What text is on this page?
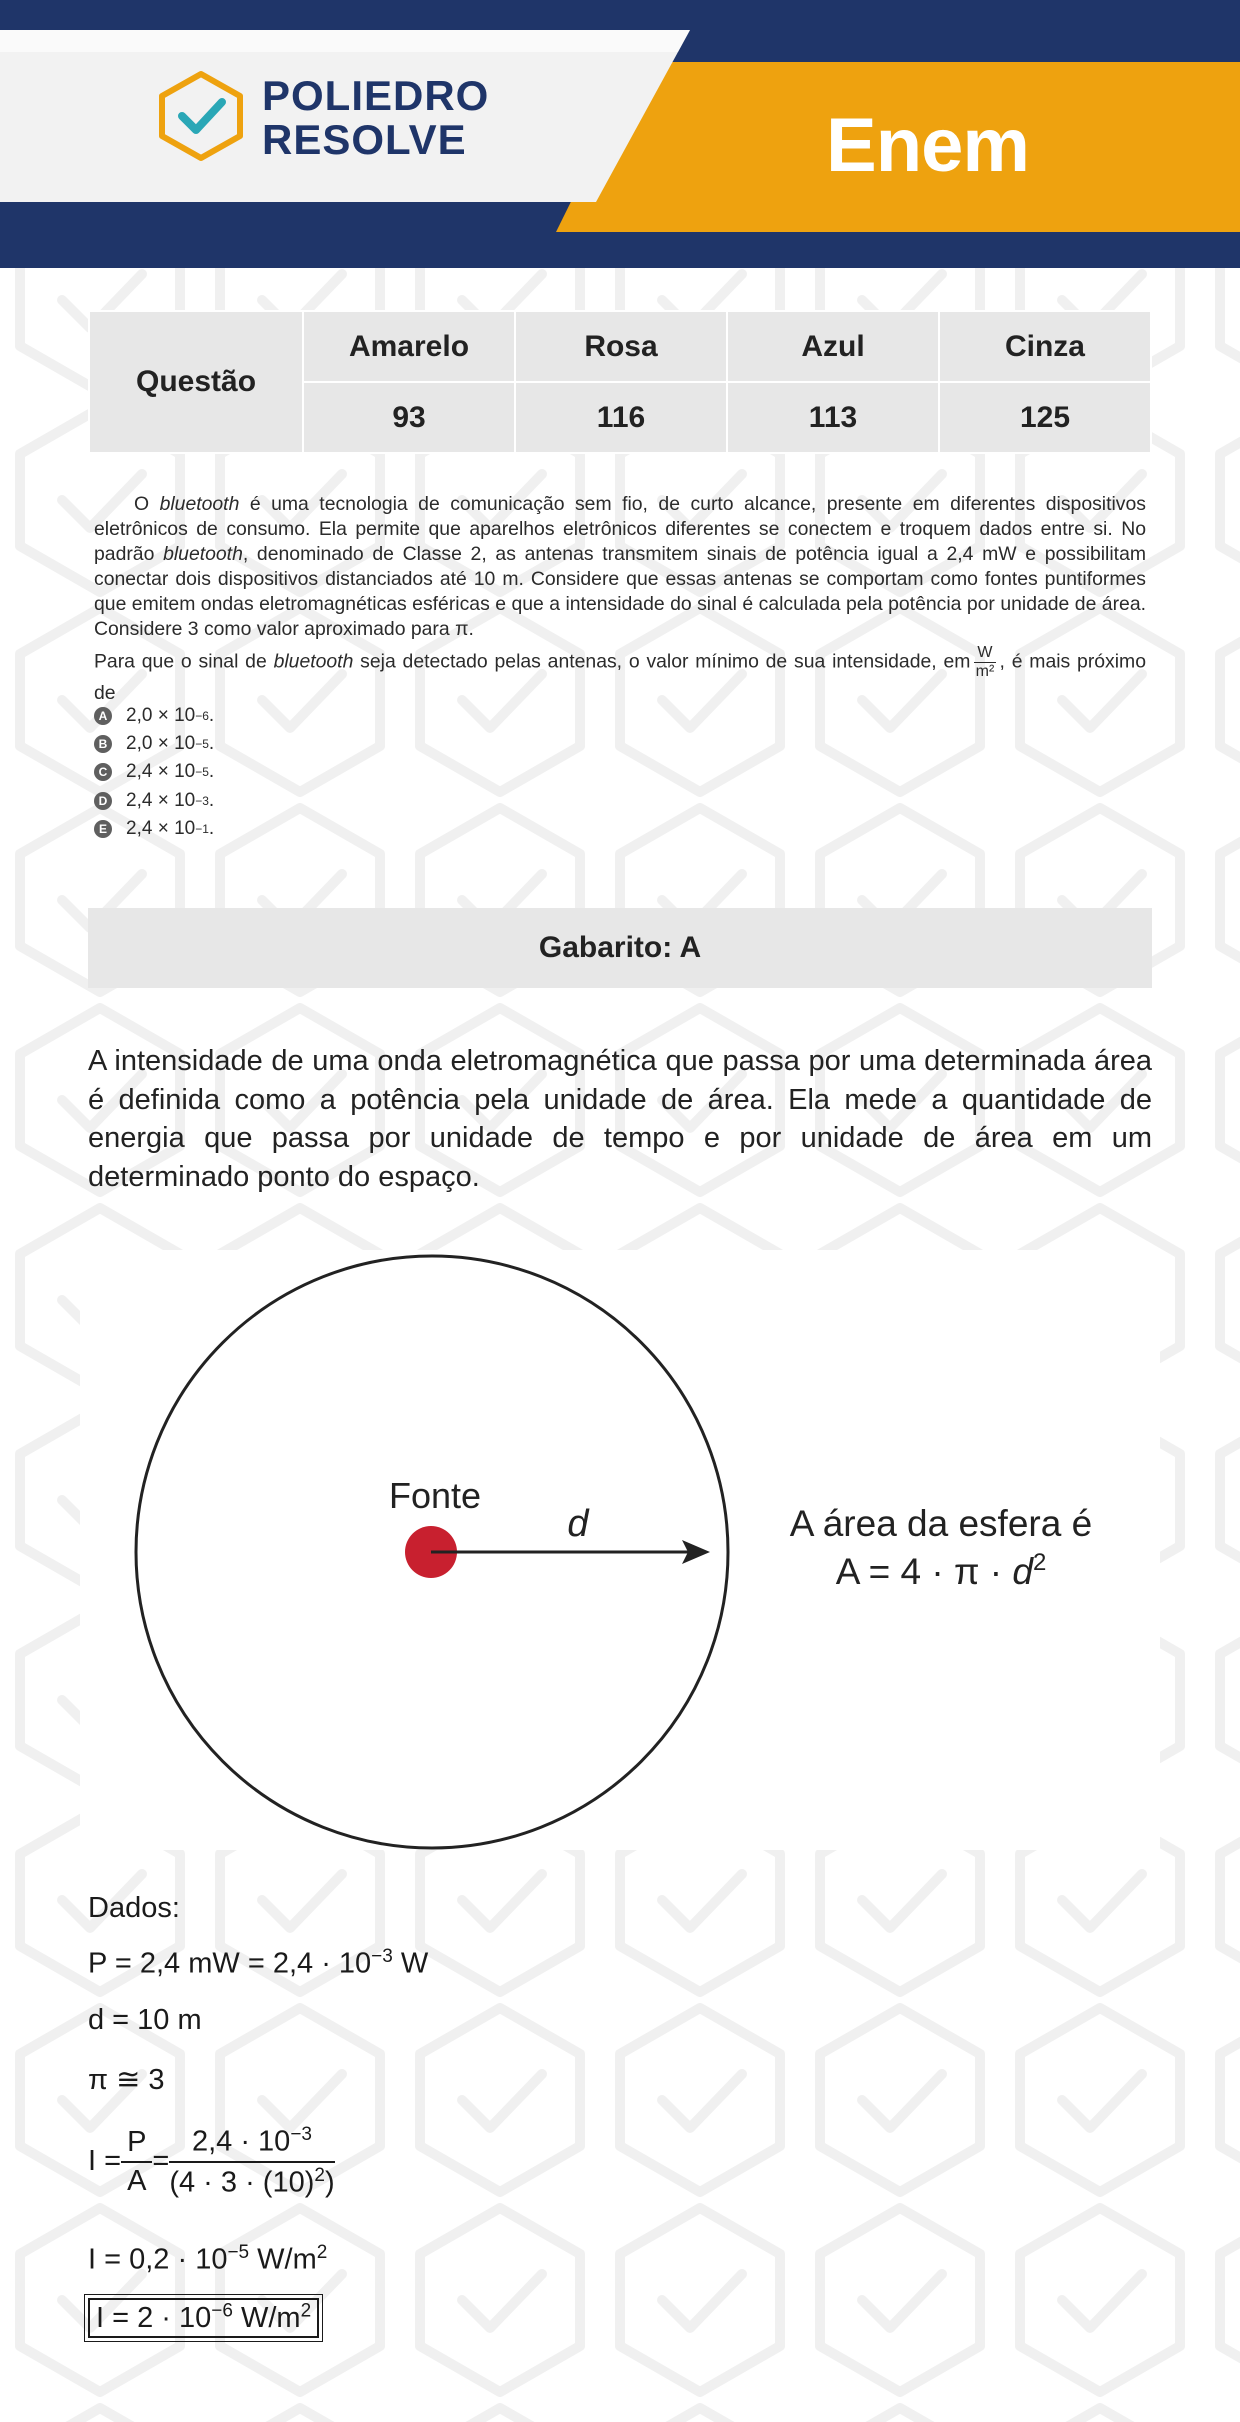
POLIEDRO
RESOLVE	Enem
Questão	Amarelo	Rosa	Azul	Cinza
	93	116	113	125

O bluetooth é uma tecnologia de comunicação sem fio, de curto alcance, presente em diferentes dispositivos eletrônicos de consumo. Ela permite que aparelhos eletrônicos diferentes se conectem e troquem dados entre si. No padrão bluetooth, denominado de Classe 2, as antenas transmitem sinais de potência igual a 2,4 mW e possibilitam conectar dois dispositivos distanciados até 10 m. Considere que essas antenas se comportam como fontes puntiformes que emitem ondas eletromagnéticas esféricas e que a intensidade do sinal é calculada pela potência por unidade de área. Considere 3 como valor aproximado para π.

Para que o sinal de bluetooth seja detectado pelas antenas, o valor mínimo de sua intensidade, em $\frac{W}{\text{m²}}$ , é mais próximo de

A 2,0 × 10 −6 .
B 2,0 × 10 −5 .
C 2,4 × 10 −5 .
D 2,4 × 10 −3 .
E 2,4 × 10 −1 .
Gabarito: A
A intensidade de uma onda eletromagnética que passa por uma determinada área é definida como a potência pela unidade de área. Ela mede a quantidade de energia que passa por unidade de tempo e por unidade de área em um determinado ponto do espaço.
Fonte
d	A área da esfera é
$A = 4 \cdot \pi \cdot d^2$
Dados:
P = 2,4 mW = $2,4 \cdot 10^{-3}$ W
d = 10 m
π ≅ 3
$I = \frac{P}{A} = \frac{2,4 \cdot 10^{-3}}{(4 \cdot 3 \cdot (10)^2)}$
$I = 0,2 \cdot 10^{-5}$ $W/m^2$
$I = 2 \cdot 10^{-6}$ $W/m^2$
